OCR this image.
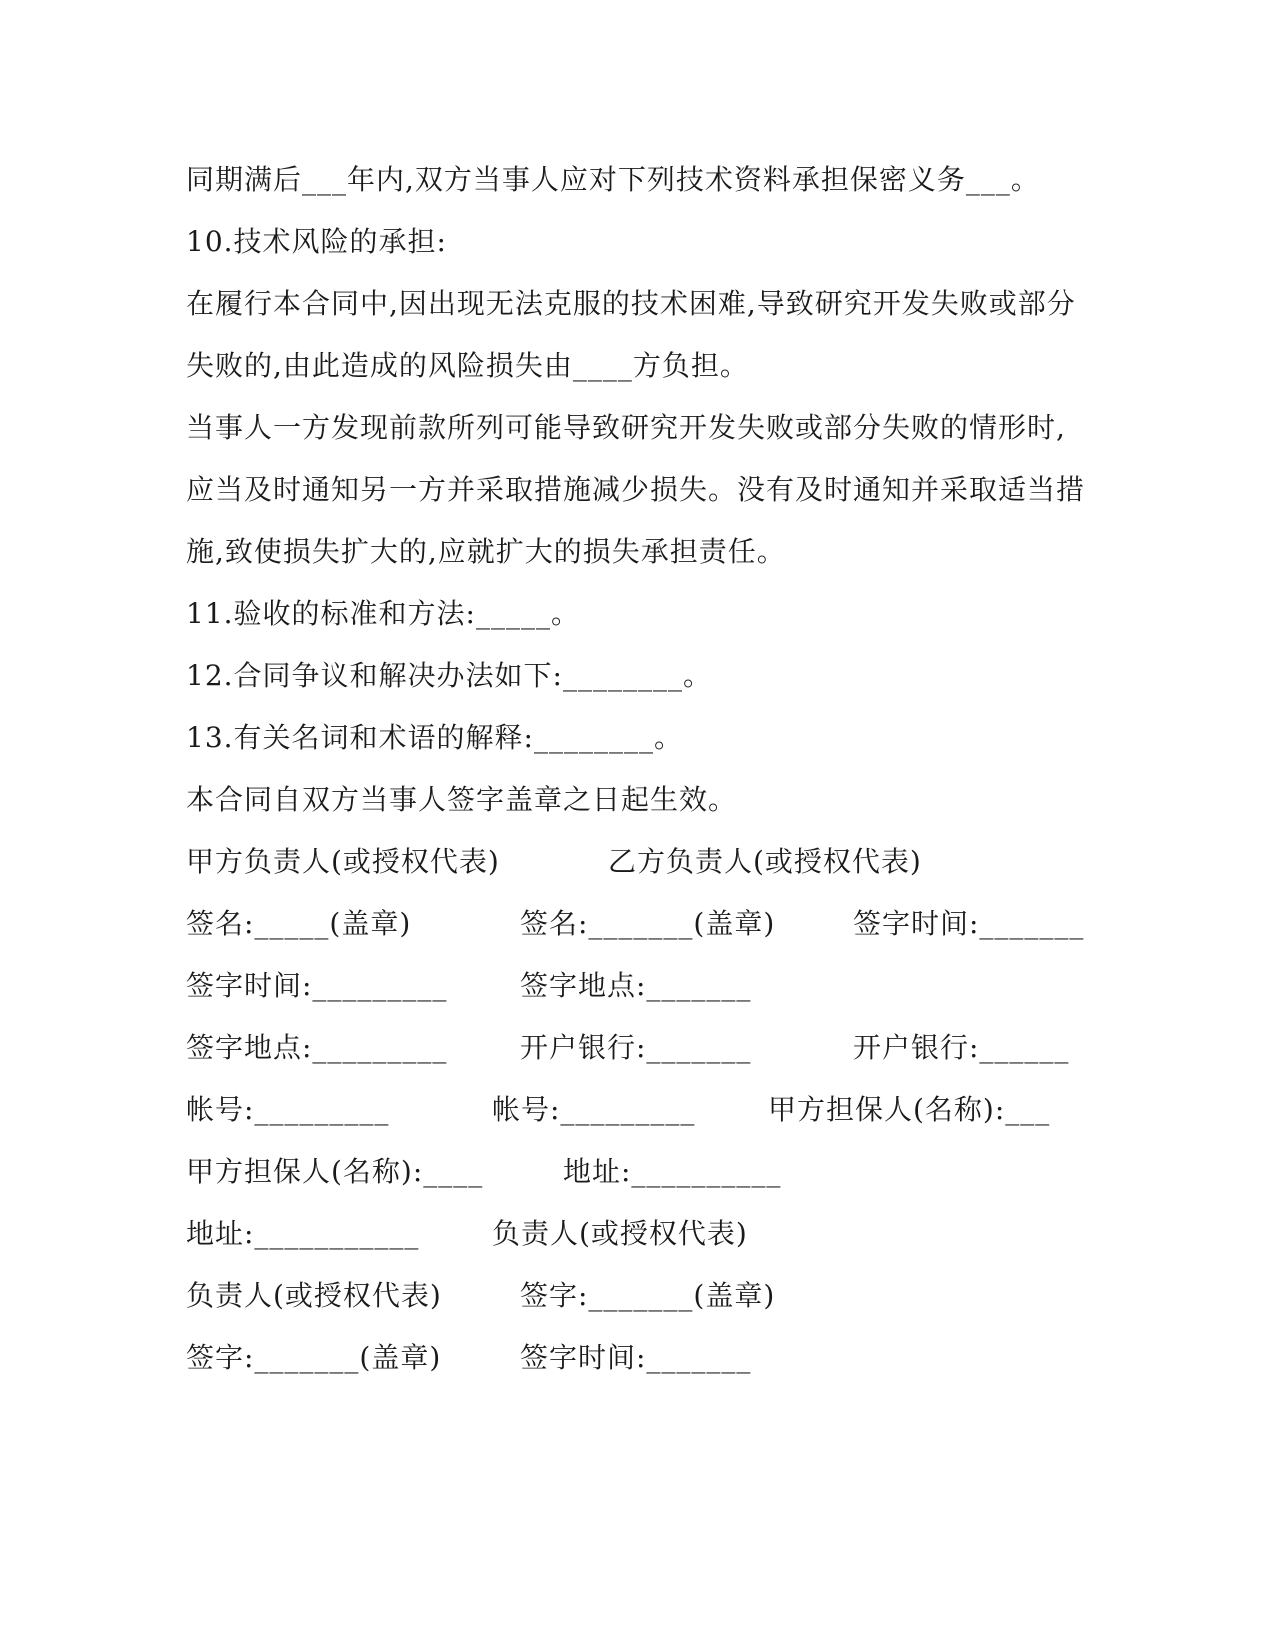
同期满后___年内,双方当事人应对下列技术资料承担保密义务___。
10.技术风险的承担:
在履行本合同中,因出现无法克服的技术困难,导致研究开发失败或部分
失败的,由此造成的风险损失由____方负担。
当事人一方发现前款所列可能导致研究开发失败或部分失败的情形时,
应当及时通知另一方并采取措施减少损失。没有及时通知并采取适当措
施,致使损失扩大的,应就扩大的损失承担责任。
11.验收的标准和方法:_____。
12.合同争议和解决办法如下:________。
13.有关名词和术语的解释:________。
本合同自双方当事人签字盖章之日起生效。
甲方负责人(或授权代表)	乙方负责人(或授权代表)
签名:_____(盖章)	签名:_______(盖章)	签字时间:_______
签字时间:_________	签字地点:_______
签字地点:_________	开户银行:_______	开户银行:______
帐号:_________	帐号:_________	甲方担保人(名称):___
甲方担保人(名称):____	地址:__________
地址:___________	负责人(或授权代表)
负责人(或授权代表)	签字:_______(盖章)
签字:_______(盖章)	签字时间:_______
